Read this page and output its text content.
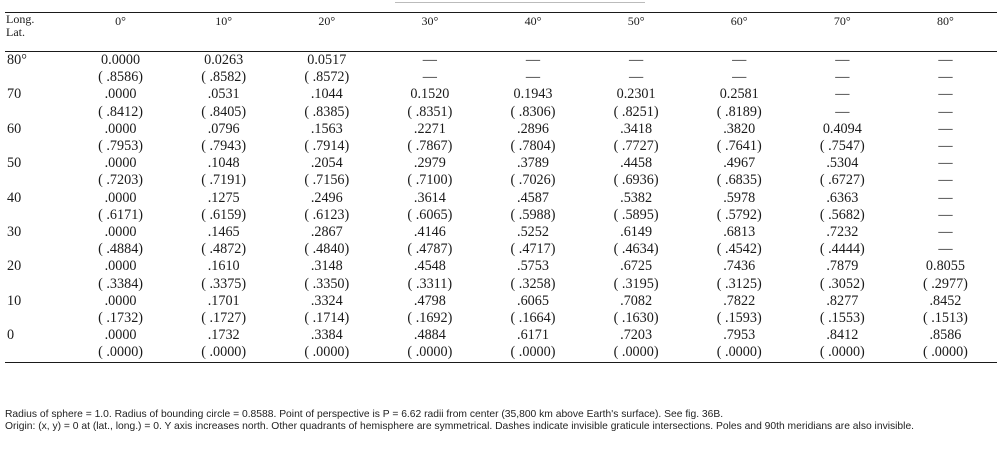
Long.
Lat.	0°	10°	20°	30°	40°	50°	60°	70°	80°
80°	0.0000	0.0263	0.0517	—	—	—	—	—	—
	( .8586)	( .8582)	( .8572)	—	—	—	—	—	—
70	.0000	.0531	.1044	0.1520	0.1943	0.2301	0.2581	—	—
	( .8412)	( .8405)	( .8385)	( .8351)	( .8306)	( .8251)	( .8189)	—	—
60	.0000	.0796	.1563	.2271	.2896	.3418	.3820	0.4094	—
	( .7953)	( .7943)	( .7914)	( .7867)	( .7804)	( .7727)	( .7641)	( .7547)	—
50	.0000	.1048	.2054	.2979	.3789	.4458	.4967	.5304	—
	( .7203)	( .7191)	( .7156)	( .7100)	( .7026)	( .6936)	( .6835)	( .6727)	—
40	.0000	.1275	.2496	.3614	.4587	.5382	.5978	.6363	—
	( .6171)	( .6159)	( .6123)	( .6065)	( .5988)	( .5895)	( .5792)	( .5682)	—
30	.0000	.1465	.2867	.4146	.5252	.6149	.6813	.7232	—
	( .4884)	( .4872)	( .4840)	( .4787)	( .4717)	( .4634)	( .4542)	( .4444)	—
20	.0000	.1610	.3148	.4548	.5753	.6725	.7436	.7879	0.8055
	( .3384)	( .3375)	( .3350)	( .3311)	( .3258)	( .3195)	( .3125)	( .3052)	( .2977)
10	.0000	.1701	.3324	.4798	.6065	.7082	.7822	.8277	.8452
	( .1732)	( .1727)	( .1714)	( .1692)	( .1664)	( .1630)	( .1593)	( .1553)	( .1513)
0	.0000	.1732	.3384	.4884	.6171	.7203	.7953	.8412	.8586
	( .0000)	( .0000)	( .0000)	( .0000)	( .0000)	( .0000)	( .0000)	( .0000)	( .0000)

Radius of sphere = 1.0. Radius of bounding circle = 0.8588. Point of perspective is P = 6.62 radii from center (35,800 km above Earth's surface). See fig. 36B.

Origin: (x, y) = 0 at (lat., long.) = 0. Y axis increases north. Other quadrants of hemisphere are symmetrical. Dashes indicate invisible graticule intersections. Poles and 90th meridians are also invisible.
